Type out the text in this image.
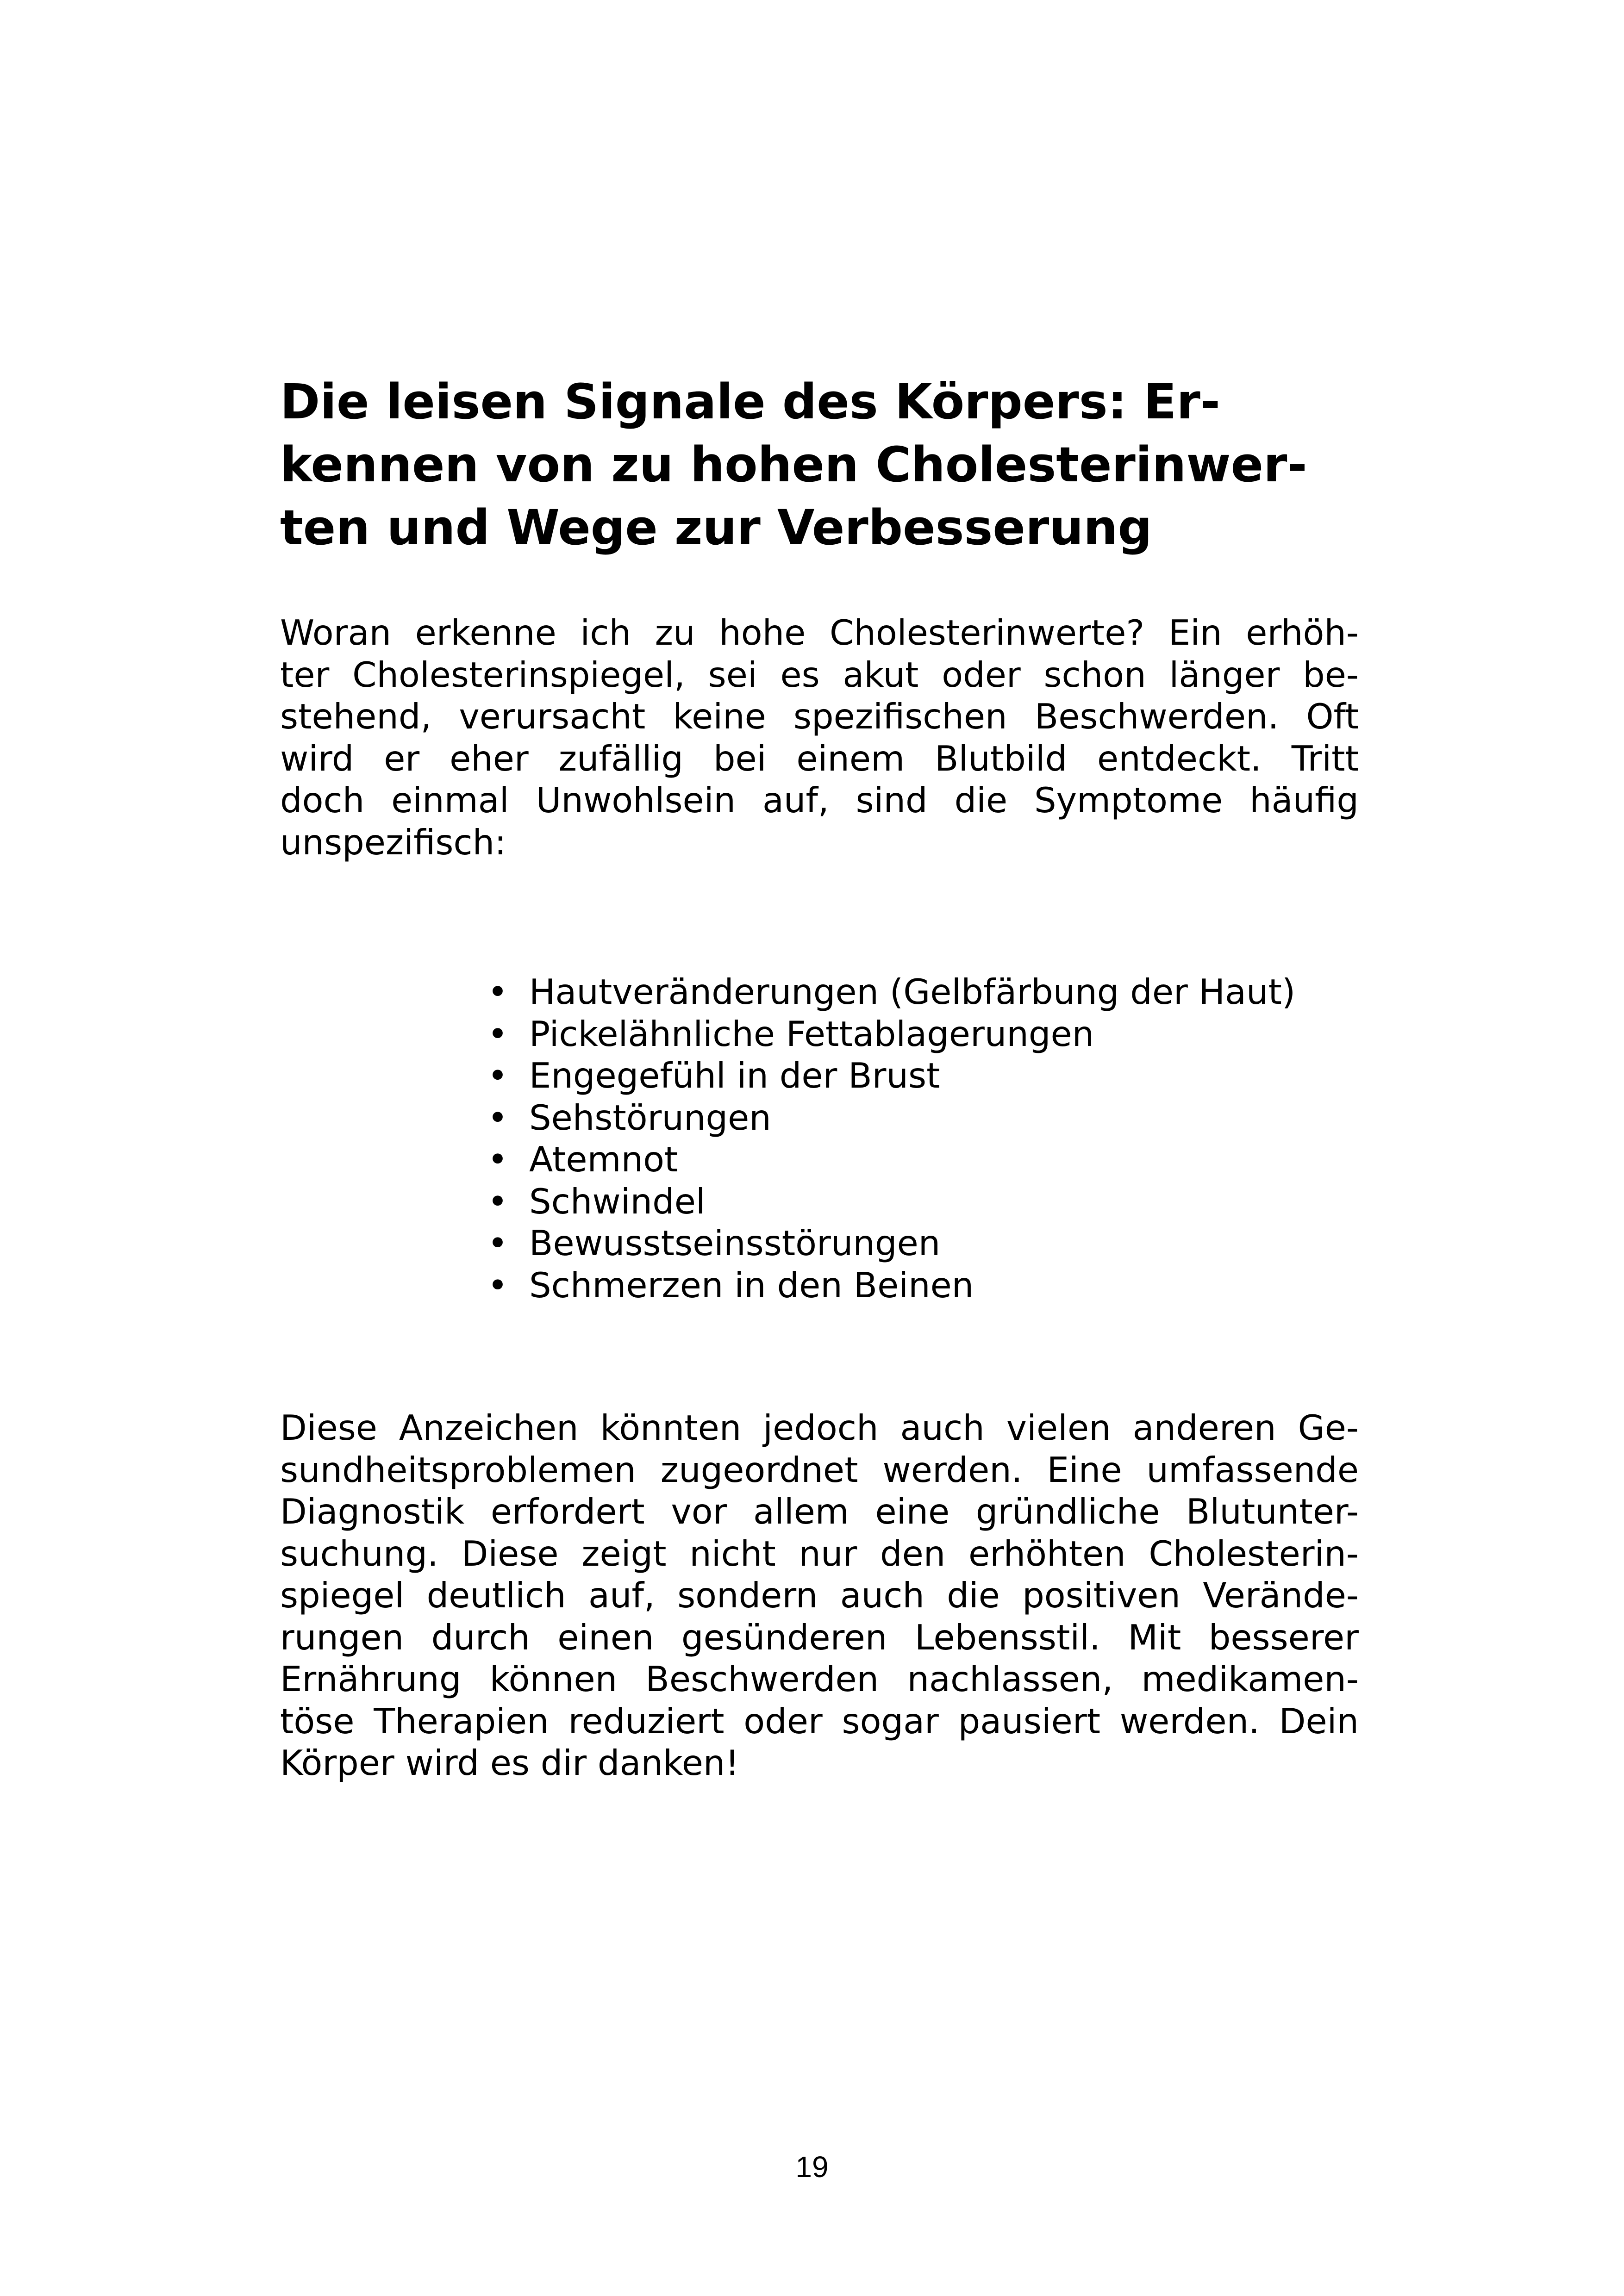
Die leisen Signale des Körpers: Er-
kennen von zu hohen Cholesterinwer-
ten und Wege zur Verbesserung

Woran erkenne ich zu hohe Cholesterinwerte? Ein erhöh-
ter Cholesterinspiegel, sei es akut oder schon länger be-
stehend, verursacht keine spezifischen Beschwerden. Oft
wird er eher zufällig bei einem Blutbild entdeckt. Tritt
doch einmal Unwohlsein auf, sind die Symptome häufig
unspezifisch:

• Hautveränderungen (Gelbfärbung der Haut)
• Pickelähnliche Fettablagerungen
• Engegefühl in der Brust
• Sehstörungen
• Atemnot
• Schwindel
• Bewusstseinsstörungen
• Schmerzen in den Beinen

Diese Anzeichen könnten jedoch auch vielen anderen Ge-
sundheitsproblemen zugeordnet werden. Eine umfassende
Diagnostik erfordert vor allem eine gründliche Blutunter-
suchung. Diese zeigt nicht nur den erhöhten Cholesterin-
spiegel deutlich auf, sondern auch die positiven Verände-
rungen durch einen gesünderen Lebensstil. Mit besserer
Ernährung können Beschwerden nachlassen, medikamen-
töse Therapien reduziert oder sogar pausiert werden. Dein
Körper wird es dir danken!

19
